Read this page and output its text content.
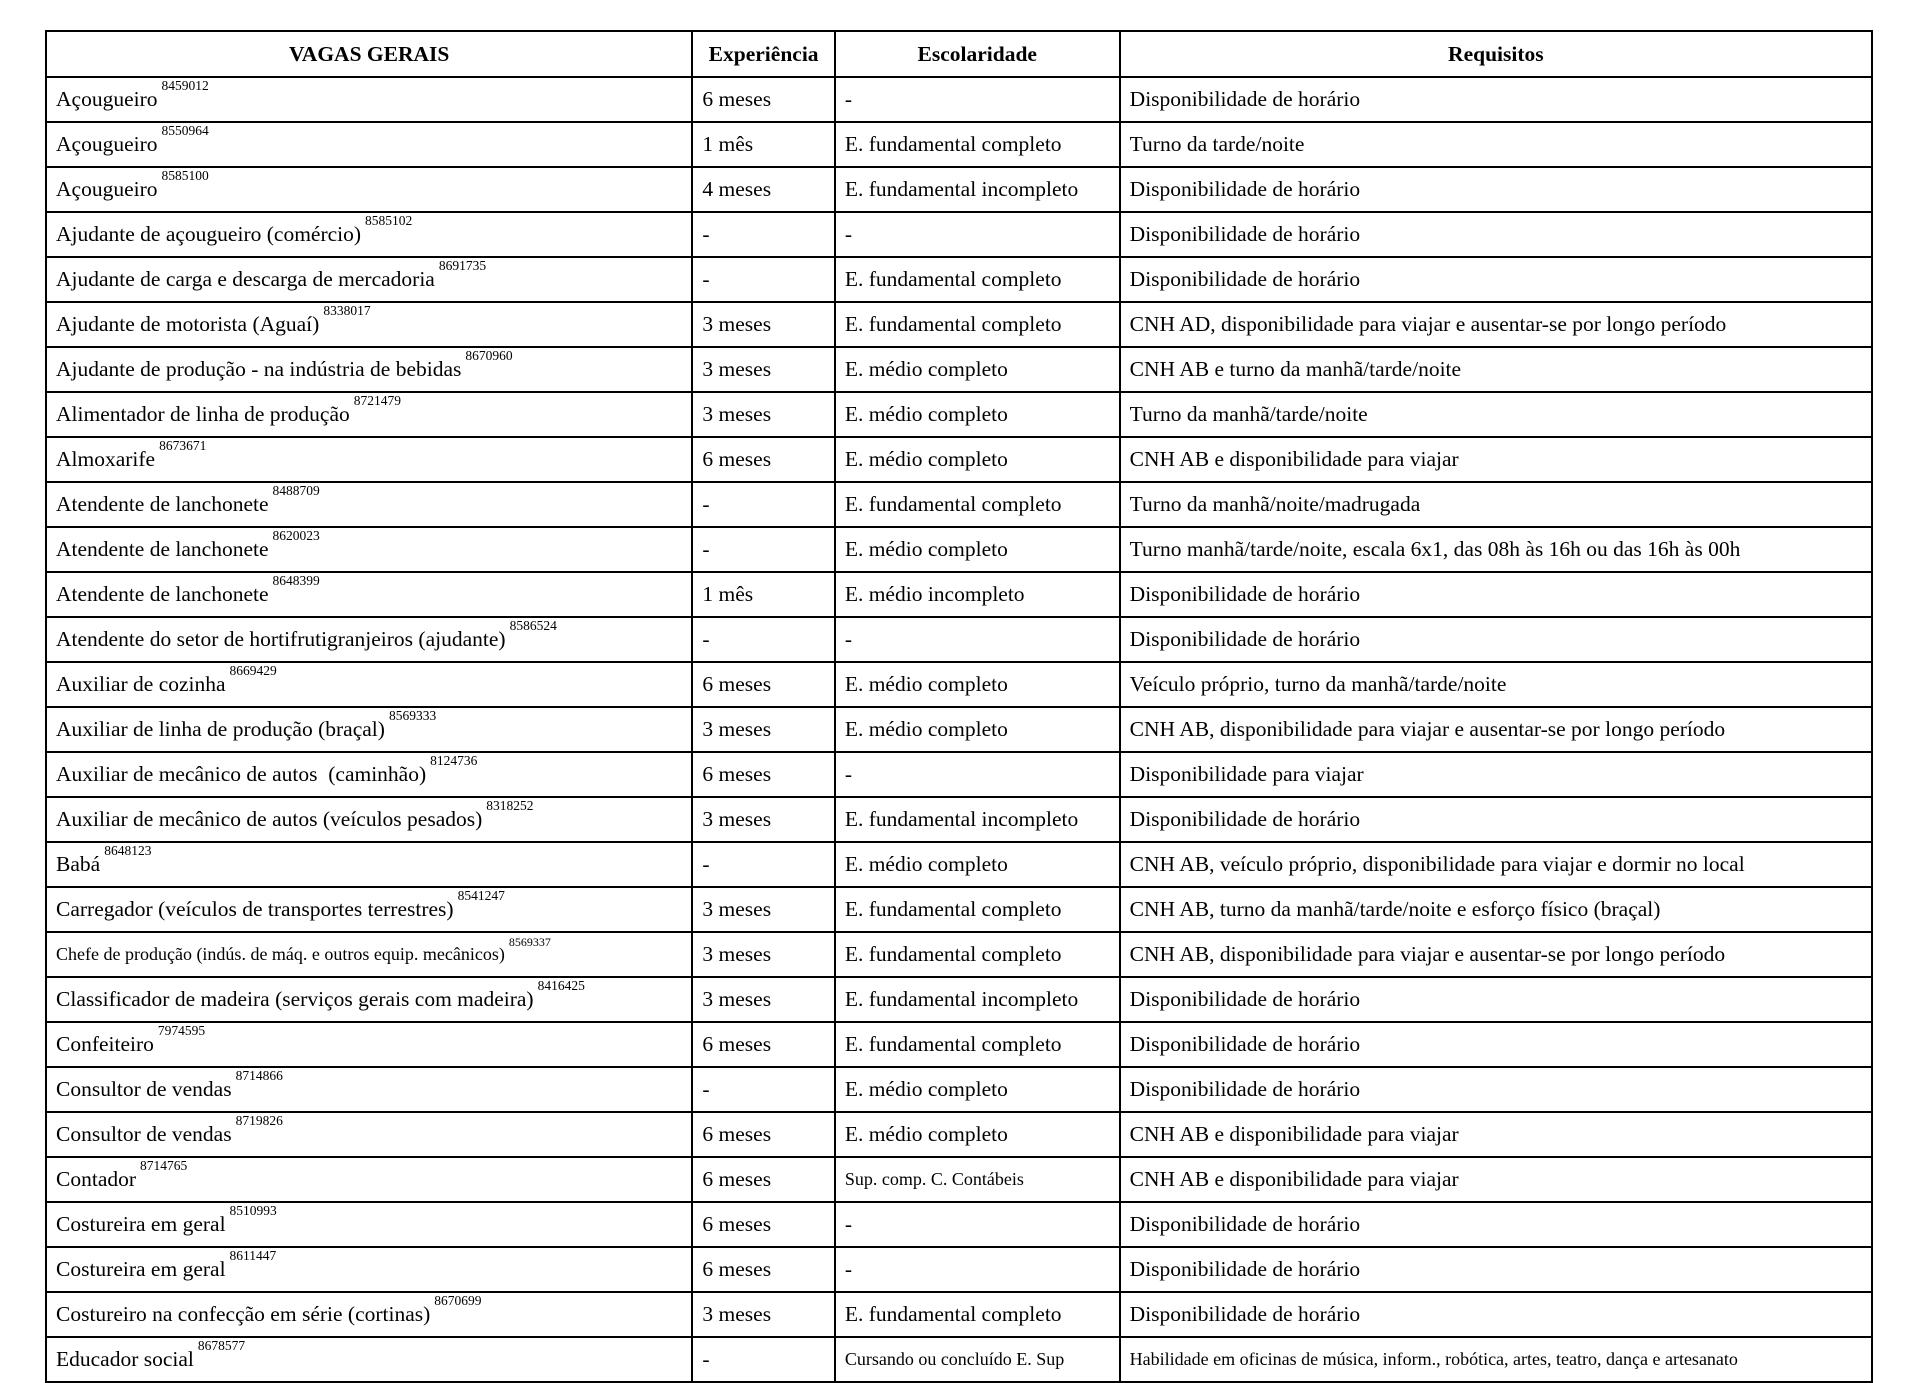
VAGAS GERAIS	Experiência	Escolaridade	Requisitos
Açougueiro$^{8459012}$	6 meses	-	Disponibilidade de horário
Açougueiro$^{8550964}$	1 mês	E. fundamental completo	Turno da tarde/noite
Açougueiro$^{8585100}$	4 meses	E. fundamental incompleto	Disponibilidade de horário
Ajudante de açougueiro (comércio)$^{8585102}$	-	-	Disponibilidade de horário
Ajudante de carga e descarga de mercadoria$^{8691735}$	-	E. fundamental completo	Disponibilidade de horário
Ajudante de motorista (Aguaí)$^{8338017}$	3 meses	E. fundamental completo	CNH AD, disponibilidade para viajar e ausentar-se por longo período
Ajudante de produção - na indústria de bebidas$^{8670960}$	3 meses	E. médio completo	CNH AB e turno da manhã/tarde/noite
Alimentador de linha de produção$^{8721479}$	3 meses	E. médio completo	Turno da manhã/tarde/noite
Almoxarife$^{8673671}$	6 meses	E. médio completo	CNH AB e disponibilidade para viajar
Atendente de lanchonete$^{8488709}$	-	E. fundamental completo	Turno da manhã/noite/madrugada
Atendente de lanchonete$^{8620023}$	-	E. médio completo	Turno manhã/tarde/noite, escala 6x1, das 08h às 16h ou das 16h às 00h
Atendente de lanchonete$^{8648399}$	1 mês	E. médio incompleto	Disponibilidade de horário
Atendente do setor de hortifrutigranjeiros (ajudante)$^{8586524}$	-	-	Disponibilidade de horário
Auxiliar de cozinha$^{8669429}$	6 meses	E. médio completo	Veículo próprio, turno da manhã/tarde/noite
Auxiliar de linha de produção (braçal)$^{8569333}$	3 meses	E. médio completo	CNH AB, disponibilidade para viajar e ausentar-se por longo período
Auxiliar de mecânico de autos  (caminhão)$^{8124736}$	6 meses	-	Disponibilidade para viajar
Auxiliar de mecânico de autos (veículos pesados)$^{8318252}$	3 meses	E. fundamental incompleto	Disponibilidade de horário
Babá$^{8648123}$	-	E. médio completo	CNH AB, veículo próprio, disponibilidade para viajar e dormir no local
Carregador (veículos de transportes terrestres)$^{8541247}$	3 meses	E. fundamental completo	CNH AB, turno da manhã/tarde/noite e esforço físico (braçal)
Chefe de produção (indús. de máq. e outros equip. mecânicos)$^{8569337}$	3 meses	E. fundamental completo	CNH AB, disponibilidade para viajar e ausentar-se por longo período
Classificador de madeira (serviços gerais com madeira)$^{8416425}$	3 meses	E. fundamental incompleto	Disponibilidade de horário
Confeiteiro$^{7974595}$	6 meses	E. fundamental completo	Disponibilidade de horário
Consultor de vendas$^{8714866}$	-	E. médio completo	Disponibilidade de horário
Consultor de vendas$^{8719826}$	6 meses	E. médio completo	CNH AB e disponibilidade para viajar
Contador$^{8714765}$	6 meses	Sup. comp. C. Contábeis	CNH AB e disponibilidade para viajar
Costureira em geral$^{8510993}$	6 meses	-	Disponibilidade de horário
Costureira em geral$^{8611447}$	6 meses	-	Disponibilidade de horário
Costureiro na confecção em série (cortinas)$^{8670699}$	3 meses	E. fundamental completo	Disponibilidade de horário
Educador social$^{8678577}$	-	Cursando ou concluído E. Sup	Habilidade em oficinas de música, inform., robótica, artes, teatro, dança e artesanato
